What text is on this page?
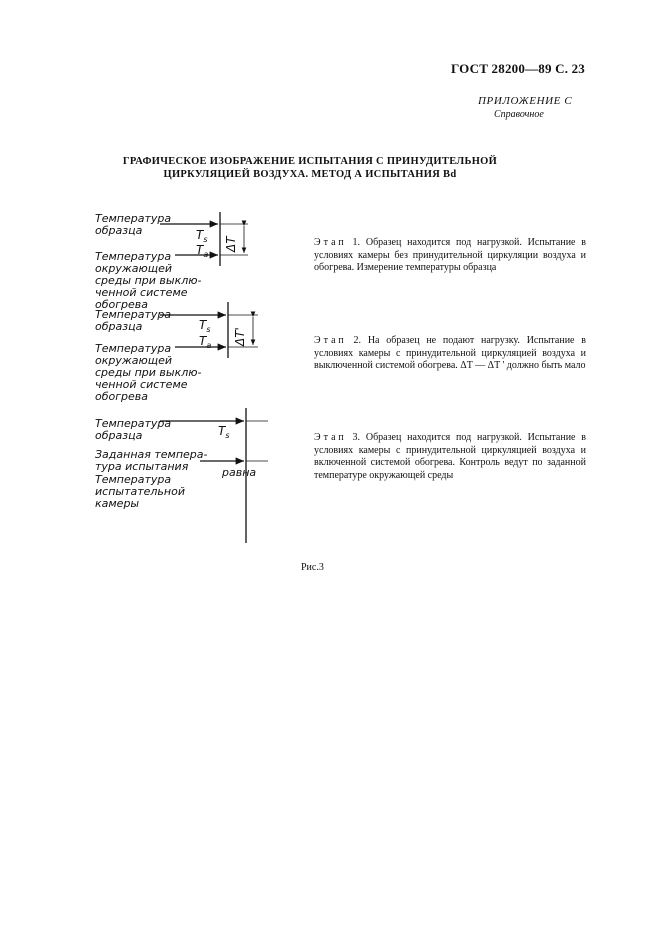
ГОСТ 28200—89 С. 23
ПРИЛОЖЕНИЕ С
Справочное
ГРАФИЧЕСКОЕ ИЗОБРАЖЕНИЕ ИСПЫТАНИЯ С ПРИНУДИТЕЛЬНОЙ
ЦИРКУЛЯЦИЕЙ ВОЗДУХА. МЕТОД А ИСПЫТАНИЯ Bd
Температура
образца	$T_s$
Температура
окружающей
среды при выклю-
ченной системе
обогрева
$T_a$
ΔT
Температура
образца	$T_s$
Температура
окружающей
среды при выклю-
ченной системе
обогрева
$T_a$ ΔT'
Температура
образца	$T_s$
Заданная темпера-
тура испытания	равна
Температура
испытательной
камеры
Этап 1. Образец находится под нагрузкой. Испытание в условиях камеры без принудительной циркуляции воздуха и обогрева. Измерение температуры образца
Этап 2. На образец не подают нагрузку. Испытание в условиях камеры с принудительной циркуляцией воздуха и выключенной системой обогрева. ΔT — ΔT ' должно быть мало
Этап 3. Образец находится под нагрузкой. Испытание в условиях камеры с принудительной циркуляцией воздуха и включенной системой обогрева. Контроль ведут по заданной температуре окружающей среды
Рис.3
